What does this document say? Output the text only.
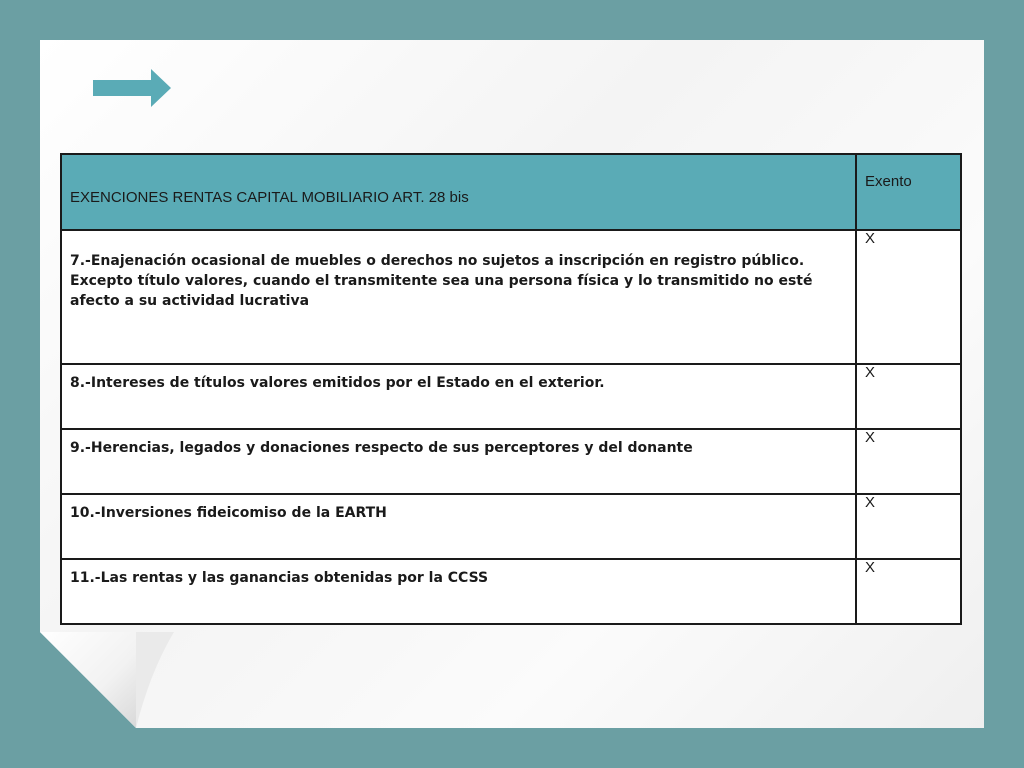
EXENCIONES RENTAS CAPITAL MOBILIARIO ART. 28 bis	Exento
7.-Enajenación ocasional de muebles o derechos no sujetos a inscripción en registro público. Excepto título valores, cuando el transmitente sea una persona física y lo transmitido no esté afecto a su actividad lucrativa	X
8.-Intereses de títulos valores emitidos por el Estado en el exterior.	X
9.-Herencias, legados y donaciones respecto de sus perceptores y del donante	X
10.-Inversiones fideicomiso de la EARTH	X
11.-Las rentas y las ganancias obtenidas por la CCSS	X
